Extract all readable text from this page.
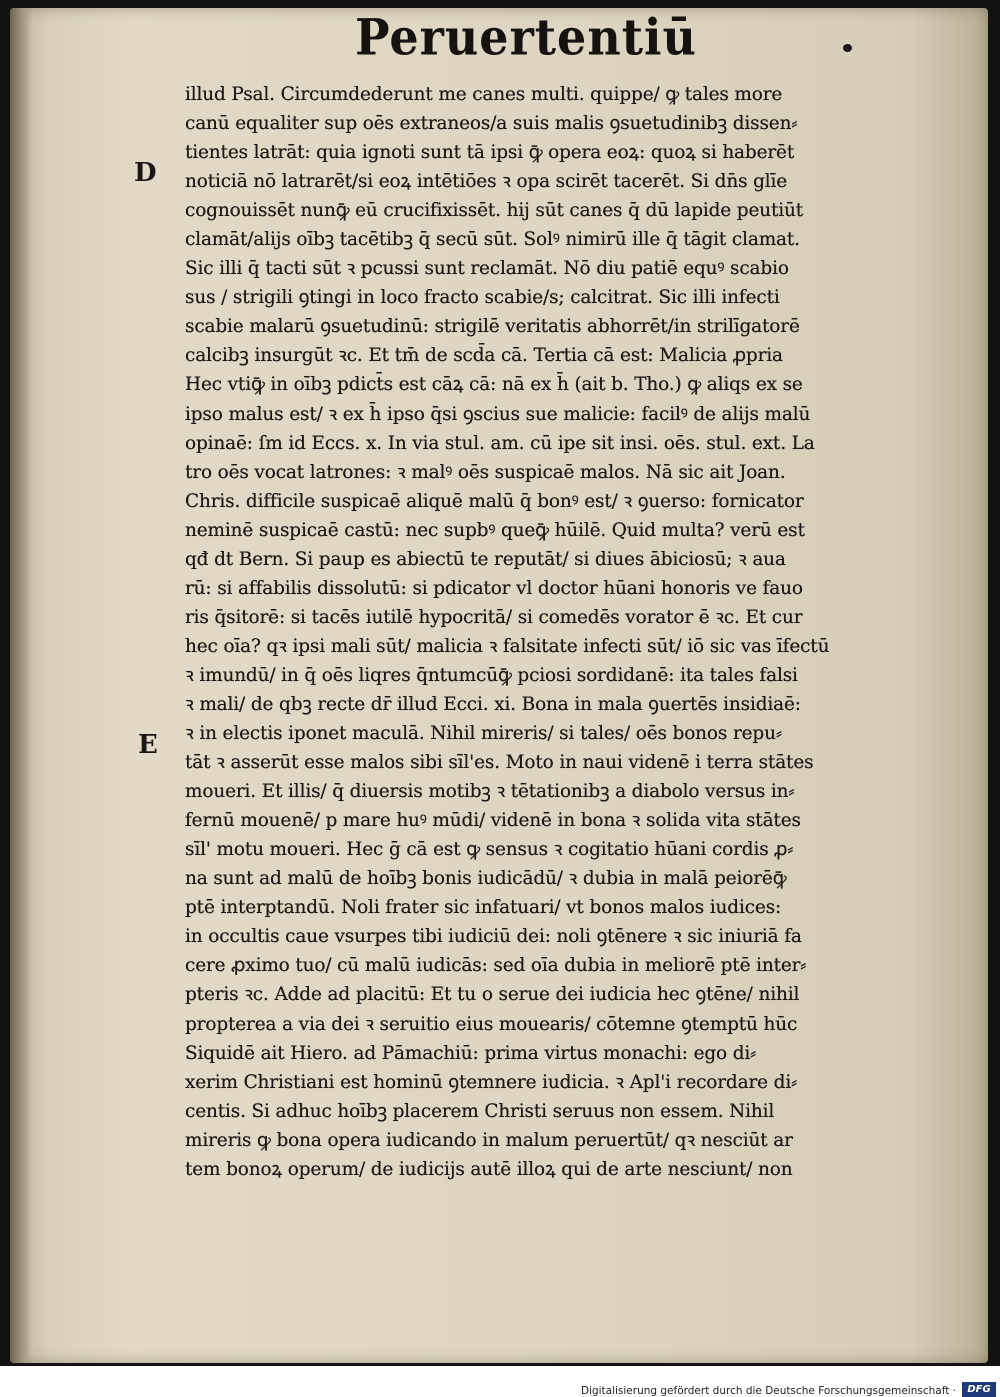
Peruertentiū
D
E
illud Psal. Circumdederunt me canes multi. quippe/ ꝙ tales more
canū equaliter sup oēs extraneos/a suis malis ꝯsuetudinibꝫ dissen⸗
tientes latrāt: quia ignoti sunt tā ipsi ꝙ̄ opera eoꝝ: quoꝝ si haberēt
noticiā nō latrarēt/si eoꝝ intētiōes ꝛ opa scirēt tacerēt. Si dn̄s glīe
cognouissēt nunꝙ̄ eū crucifixissēt. hij sūt canes q̄ dū lapide peutiūt
clamāt/alijs oībꝫ tacētibꝫ q̄ secū sūt. Solꝰ nimirū ille q̄ tāgit clamat.
Sic illi q̄ tacti sūt ꝛ pcussi sunt reclamāt. Nō diu patiē equꝰ scabio
sus / strigili ꝯtingi in loco fracto scabie/s; calcitrat. Sic illi infecti
scabie malarū ꝯsuetudinū: strigilē veritatis abhorrēt/in strilīgatorē
calcibꝫ insurgūt ꝛc. Et tm̄ de scd̄a cā. Tertia cā est: Malicia ꝓpria
Hec vtiꝙ̄ in oībꝫ pdict̄s est cāꝝ cā: nā ex h̄ (ait b. Tho.) ꝙ aliqs ex se
ipso malus est/ ꝛ ex h̄ ipso q̄si ꝯscius sue malicie: facilꝰ de alijs malū
opinaē: ſm id Eccs. x. In via stul. am. cū ipe sit insi. oēs. stul. ext. La
tro oēs vocat latrones: ꝛ malꝰ oēs suspicaē malos. Nā sic ait Joan.
Chris. difficile suspicaē aliquē malū q̄ bonꝰ est/ ꝛ ꝯuerso: fornicator
neminē suspicaē castū: nec supbꝰ queꝙ̄ hūilē. Quid multa? verū est
qđ dt Bern. Si paup es abiectū te reputāt/ si diues ābiciosū; ꝛ aua
rū: si affabilis dissolutū: si pdicator vl doctor hūani honoris ve fauo
ris q̄sitorē: si tacēs iutilē hypocritā/ si comedēs vorator ē ꝛc. Et cur
hec oīa? qꝛ ipsi mali sūt/ malicia ꝛ falsitate infecti sūt/ iō sic vas īfectū
ꝛ imundū/ in q̄ oēs liqres q̄ntumcūꝙ̄ pciosi sordidanē: ita tales falsi
ꝛ mali/ de qbꝫ recte dr̄ illud Ecci. xi. Bona in mala ꝯuertēs insidiaē:
ꝛ in electis iponet maculā. Nihil mireris/ si tales/ oēs bonos repu⸗
tāt ꝛ asserūt esse malos sibi sīl'es. Moto in naui videnē i terra stātes
moueri. Et illis/ q̄ diuersis motibꝫ ꝛ tētationibꝫ a diabolo versus in⸗
fernū mouenē/ p mare huꝰ mūdi/ videnē in bona ꝛ solida vita stātes
sīl' motu moueri. Hec ḡ cā est ꝙ sensus ꝛ cogitatio hūani cordis ꝓ⸗
na sunt ad malū de hoībꝫ bonis iudicādū/ ꝛ dubia in malā peiorēꝙ̄
ptē interptandū. Noli frater sic infatuari/ vt bonos malos iudices:
in occultis caue vsurpes tibi iudiciū dei: noli ꝯtēnere ꝛ sic iniuriā fa
cere ꝓximo tuo/ cū malū iudicās: sed oīa dubia in meliorē ptē inter⸗
pteris ꝛc. Adde ad placitū: Et tu o serue dei iudicia hec ꝯtēne/ nihil
propterea a via dei ꝛ seruitio eius mouearis/ cōtemne ꝯtemptū hūc
Siquidē ait Hiero. ad Pāmachiū: prima virtus monachi: ego di⸗
xerim Christiani est hominū ꝯtemnere iudicia. ꝛ Apl'i recordare di⸗
centis. Si adhuc hoībꝫ placerem Christi seruus non essem. Nihil
mireris ꝙ bona opera iudicando in malum peruertūt/ qꝛ nesciūt ar
tem bonoꝝ operum/ de iudicijs autē illoꝝ qui de arte nesciunt/ non
Digitalisierung gefördert durch die Deutsche Forschungsgemeinschaft ·	DFG
